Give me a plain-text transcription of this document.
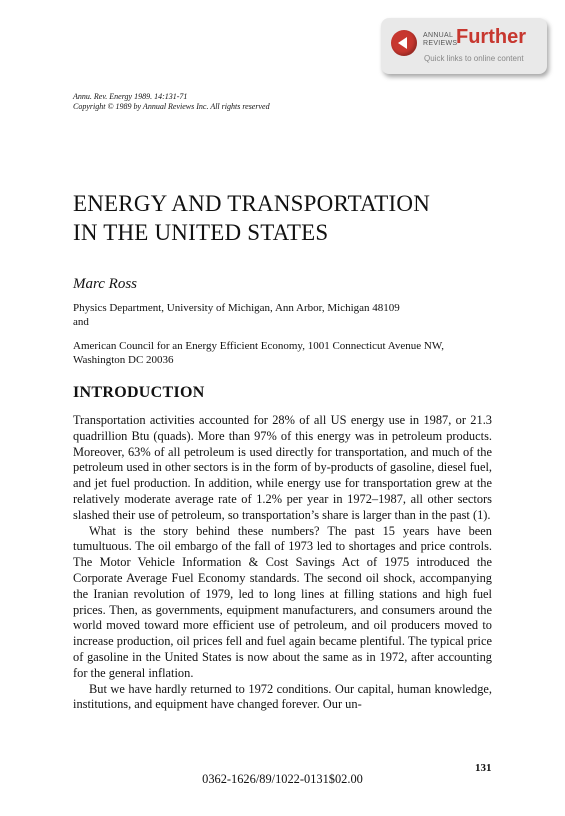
ANNUAL
REVIEWS
Further
Quick links to online content
Annu. Rev. Energy 1989. 14:131-71
Copyright © 1989 by Annual Reviews Inc. All rights reserved
ENERGY AND TRANSPORTATION
IN THE UNITED STATES
Marc Ross
Physics Department, University of Michigan, Ann Arbor, Michigan 48109
and
American Council for an Energy Efficient Economy, 1001 Connecticut Avenue NW,
Washington DC 20036
INTRODUCTION

Transportation activities accounted for 28% of all US energy use in 1987, or 21.3 quadrillion Btu (quads). More than 97% of this energy was in petroleum products. Moreover, 63% of all petroleum is used directly for transportation, and much of the petroleum used in other sectors is in the form of by-products of gasoline, diesel fuel, and jet fuel production. In addition, while energy use for transportation grew at the relatively moderate average rate of 1.2% per year in 1972–1987, all other sectors slashed their use of petroleum, so transportation’s share is larger than in the past (1).

What is the story behind these numbers? The past 15 years have been tumultuous. The oil embargo of the fall of 1973 led to shortages and price controls. The Motor Vehicle Information & Cost Savings Act of 1975 introduced the Corporate Average Fuel Economy standards. The second oil shock, accompanying the Iranian revolution of 1979, led to long lines at filling stations and high fuel prices. Then, as governments, equipment manufacturers, and consumers around the world moved toward more efficient use of petroleum, and oil producers moved to increase production, oil prices fell and fuel again became plentiful. The typical price of gasoline in the United States is now about the same as in 1972, after accounting for the general inflation.

But we have hardly returned to 1972 conditions. Our capital, human knowledge, institutions, and equipment have changed forever. Our un-

131
0362-1626/89/1022-0131$02.00
